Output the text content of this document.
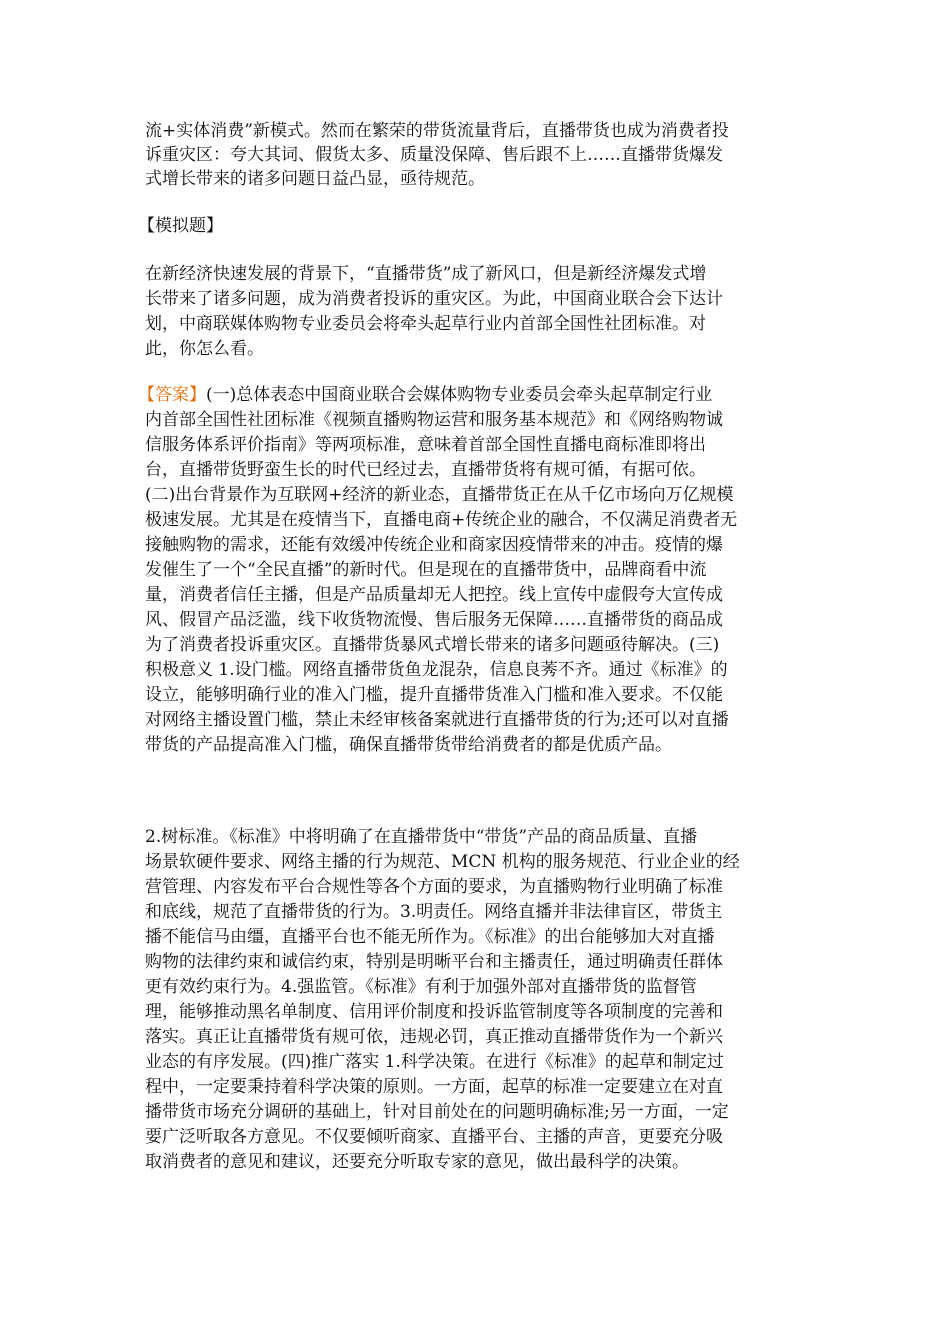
流+实体消费”新模式。然而在繁荣的带货流量背后，直播带货也成为消费者投
诉重灾区：夸大其词、假货太多、质量没保障、售后跟不上……直播带货爆发
式增长带来的诸多问题日益凸显，亟待规范。
【模拟题】
在新经济快速发展的背景下，“直播带货”成了新风口，但是新经济爆发式增
长带来了诸多问题，成为消费者投诉的重灾区。为此，中国商业联合会下达计
划，中商联媒体购物专业委员会将牵头起草行业内首部全国性社团标准。对
此，你怎么看。
【答案】(一)总体表态中国商业联合会媒体购物专业委员会牵头起草制定行业
内首部全国性社团标准《视频直播购物运营和服务基本规范》和《网络购物诚
信服务体系评价指南》等两项标准，意味着首部全国性直播电商标准即将出
台，直播带货野蛮生长的时代已经过去，直播带货将有规可循，有据可依。
(二)出台背景作为互联网+经济的新业态，直播带货正在从千亿市场向万亿规模
极速发展。尤其是在疫情当下，直播电商+传统企业的融合，不仅满足消费者无
接触购物的需求，还能有效缓冲传统企业和商家因疫情带来的冲击。疫情的爆
发催生了一个“全民直播”的新时代。但是现在的直播带货中，品牌商看中流
量，消费者信任主播，但是产品质量却无人把控。线上宣传中虚假夸大宣传成
风、假冒产品泛滥，线下收货物流慢、售后服务无保障……直播带货的商品成
为了消费者投诉重灾区。直播带货暴风式增长带来的诸多问题亟待解决。(三)
积极意义 1.设门槛。网络直播带货鱼龙混杂，信息良莠不齐。通过《标准》的
设立，能够明确行业的准入门槛，提升直播带货准入门槛和准入要求。不仅能
对网络主播设置门槛，禁止未经审核备案就进行直播带货的行为;还可以对直播
带货的产品提高准入门槛，确保直播带货带给消费者的都是优质产品。
2.树标准。《标准》中将明确了在直播带货中“带货”产品的商品质量、直播
场景软硬件要求、网络主播的行为规范、MCN 机构的服务规范、行业企业的经
营管理、内容发布平台合规性等各个方面的要求，为直播购物行业明确了标准
和底线，规范了直播带货的行为。3.明责任。网络直播并非法律盲区，带货主
播不能信马由缰，直播平台也不能无所作为。《标准》的出台能够加大对直播
购物的法律约束和诚信约束，特别是明晰平台和主播责任，通过明确责任群体
更有效约束行为。4.强监管。《标准》有利于加强外部对直播带货的监督管
理，能够推动黑名单制度、信用评价制度和投诉监管制度等各项制度的完善和
落实。真正让直播带货有规可依，违规必罚，真正推动直播带货作为一个新兴
业态的有序发展。(四)推广落实 1.科学决策。在进行《标准》的起草和制定过
程中，一定要秉持着科学决策的原则。一方面，起草的标准一定要建立在对直
播带货市场充分调研的基础上，针对目前处在的问题明确标准;另一方面，一定
要广泛听取各方意见。不仅要倾听商家、直播平台、主播的声音，更要充分吸
取消费者的意见和建议，还要充分听取专家的意见，做出最科学的决策。
